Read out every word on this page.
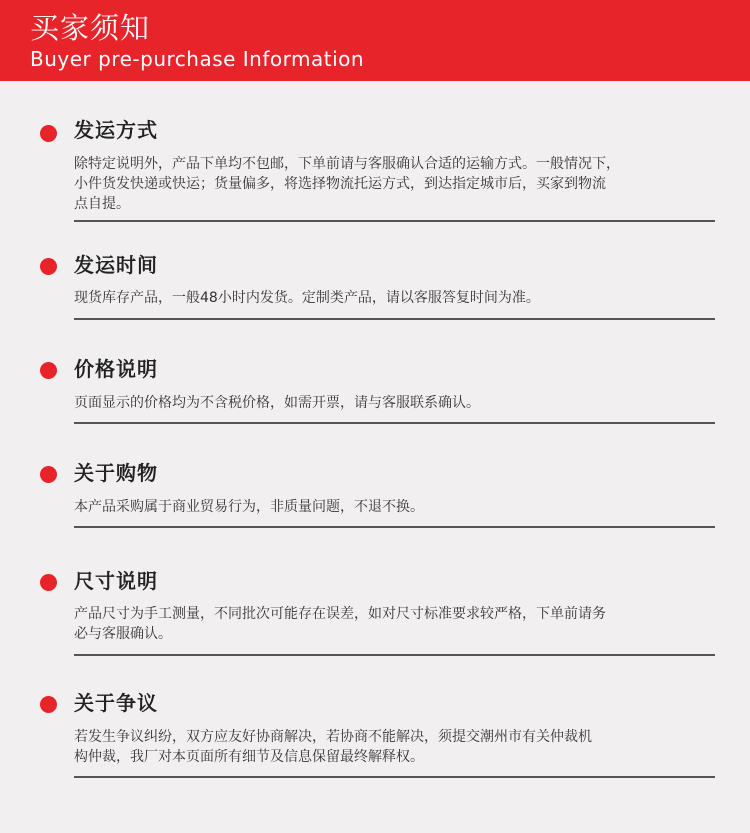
买家须知
Buyer pre-purchase Information
发运方式

除特定说明外，产品下单均不包邮，下单前请与客服确认合适的运输方式。一般情况下，

小件货发快递或快运；货量偏多，将选择物流托运方式，到达指定城市后，买家到物流

点自提。

发运时间

现货库存产品，一般48小时内发货。定制类产品，请以客服答复时间为准。

价格说明

页面显示的价格均为不含税价格，如需开票，请与客服联系确认。

关于购物

本产品采购属于商业贸易行为，非质量问题，不退不换。

尺寸说明

产品尺寸为手工测量，不同批次可能存在误差，如对尺寸标准要求较严格，下单前请务

必与客服确认。

关于争议

若发生争议纠纷，双方应友好协商解决，若协商不能解决，须提交潮州市有关仲裁机

构仲裁，我厂对本页面所有细节及信息保留最终解释权。
